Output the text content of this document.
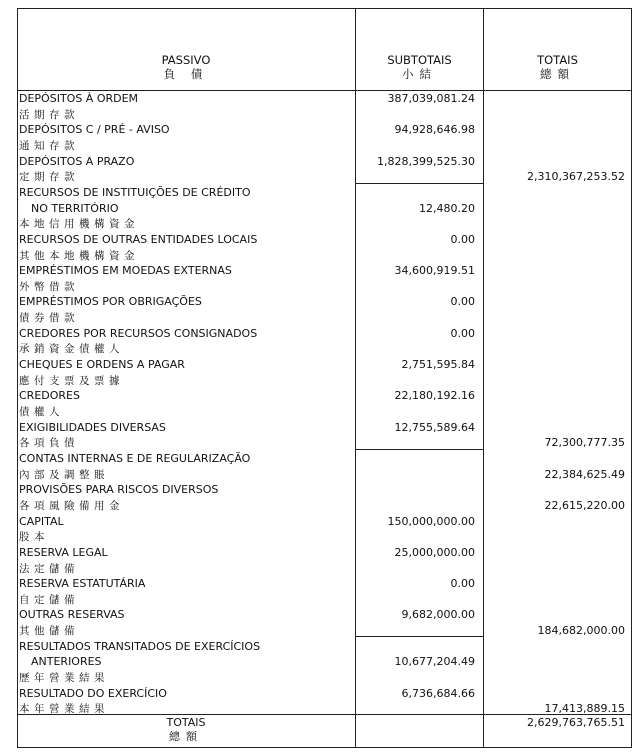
PASSIVO
負 債
SUBTOTAIS
小結
TOTAIS
總額
DEPÓSITOS À ORDEM
活期存款
387,039,081.24
DEPÓSITOS C / PRÉ - AVISO
通知存款
94,928,646.98
DEPÓSITOS A PRAZO
定期存款
1,828,399,525.30
2,310,367,253.52
RECURSOS DE INSTITUIÇÕES DE CRÉDITO
NO TERRITÓRIO
本地信用機構資金
12,480.20
RECURSOS DE OUTRAS ENTIDADES LOCAIS
其他本地機構資金
0.00
EMPRÉSTIMOS EM MOEDAS EXTERNAS
外幣借款
34,600,919.51
EMPRÉSTIMOS POR OBRIGAÇÕES
債券借款
0.00
CREDORES POR RECURSOS CONSIGNADOS
承銷資金債權人
0.00
CHEQUES E ORDENS A PAGAR
應付支票及票據
2,751,595.84
CREDORES
債權人
22,180,192.16
EXIGIBILIDADES DIVERSAS
各項負債
12,755,589.64
72,300,777.35
CONTAS INTERNAS E DE REGULARIZAÇÃO
內部及調整賬	22,384,625.49
PROVISÕES PARA RISCOS DIVERSOS
各項風險備用金	22,615,220.00
CAPITAL
股本
150,000,000.00
RESERVA LEGAL
法定儲備
25,000,000.00
RESERVA ESTATUTÁRIA
自定儲備
0.00
OUTRAS RESERVAS
其他儲備
9,682,000.00
184,682,000.00
RESULTADOS TRANSITADOS DE EXERCÍCIOS
ANTERIORES
歷年營業結果
10,677,204.49
RESULTADO DO EXERCÍCIO
本年營業結果
6,736,684.66
17,413,889.15
TOTAIS
總額
2,629,763,765.51
